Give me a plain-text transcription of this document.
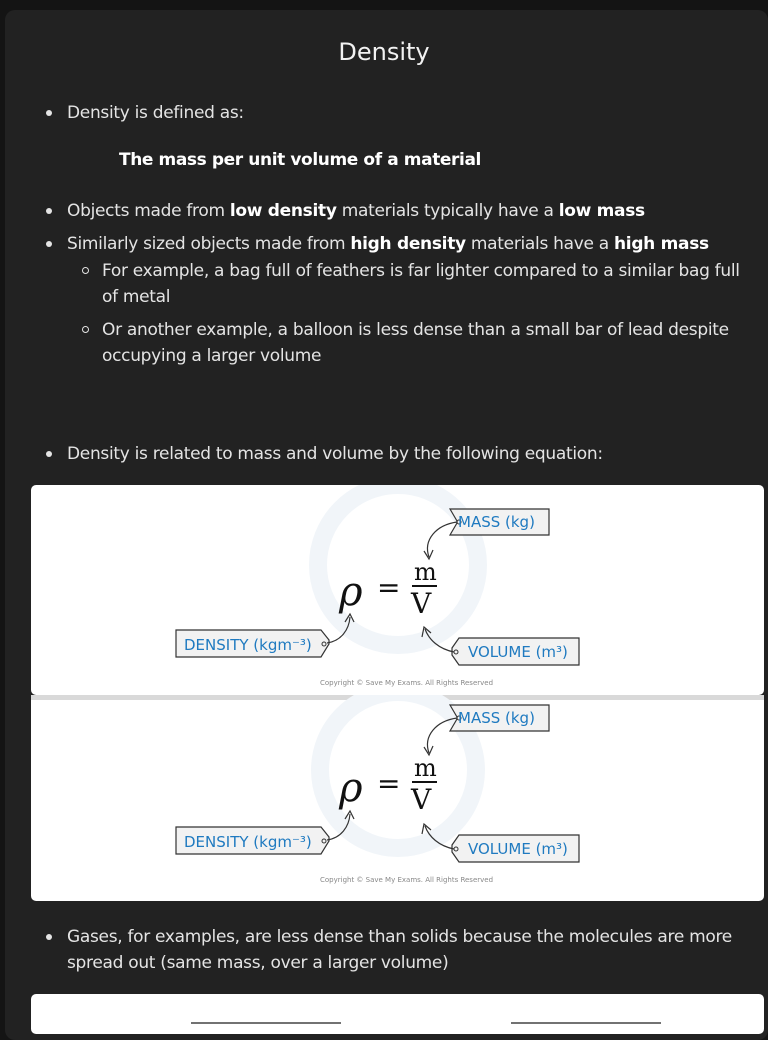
Density
Density is defined as:
The mass per unit volume of a material
Objects made from low density materials typically have a low mass
Similarly sized objects made from high density materials have a high mass
For example, a bag full of feathers is far lighter compared to a similar bag full of metal
Or another example, a balloon is less dense than a small bar of lead despite occupying a larger volume
Density is related to mass and volume by the following equation:
MASS (kg)
ρ = m
V
DENSITY (kgm⁻³)	VOLUME (m³)
Copyright © Save My Exams. All Rights Reserved
MASS (kg)
ρ = m
V
DENSITY (kgm⁻³)	VOLUME (m³)
Copyright © Save My Exams. All Rights Reserved
Gases, for examples, are less dense than solids because the molecules are more spread out (same mass, over a larger volume)
